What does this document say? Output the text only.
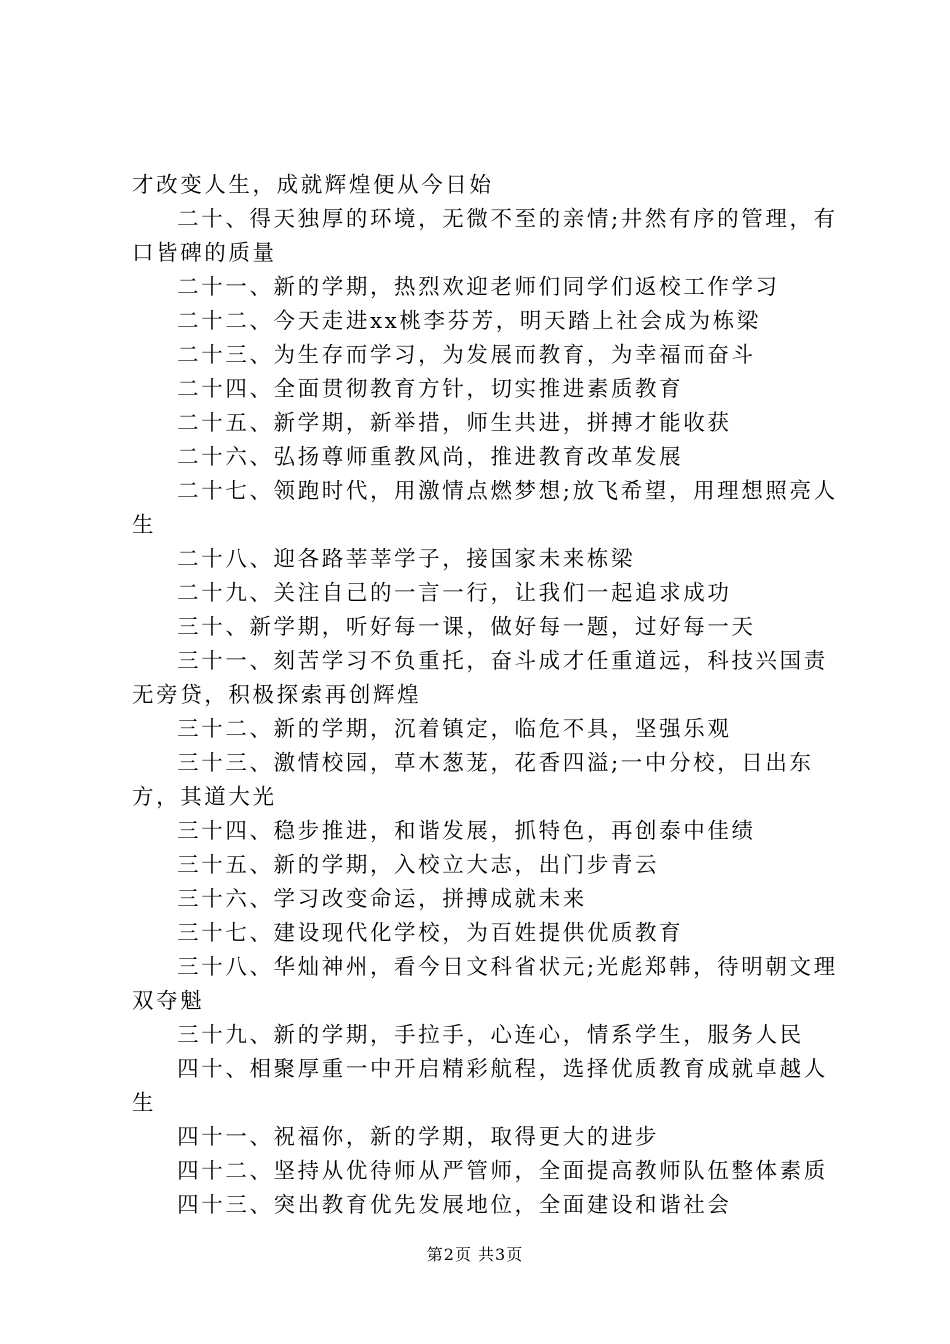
才改变人生，成就辉煌便从今日始

二十、得天独厚的环境，无微不至的亲情;井然有序的管理，有口皆碑的质量

二十一、新的学期，热烈欢迎老师们同学们返校工作学习

二十二、今天走进xx桃李芬芳，明天踏上社会成为栋梁

二十三、为生存而学习，为发展而教育，为幸福而奋斗

二十四、全面贯彻教育方针，切实推进素质教育

二十五、新学期，新举措，师生共进，拼搏才能收获

二十六、弘扬尊师重教风尚，推进教育改革发展

二十七、领跑时代，用激情点燃梦想;放飞希望，用理想照亮人生

二十八、迎各路莘莘学子，接国家未来栋梁

二十九、关注自己的一言一行，让我们一起追求成功

三十、新学期，听好每一课，做好每一题，过好每一天

三十一、刻苦学习不负重托，奋斗成才任重道远，科技兴国责无旁贷，积极探索再创辉煌

三十二、新的学期，沉着镇定，临危不具，坚强乐观

三十三、激情校园，草木葱茏，花香四溢;一中分校，日出东方，其道大光

三十四、稳步推进，和谐发展，抓特色，再创泰中佳绩

三十五、新的学期，入校立大志，出门步青云

三十六、学习改变命运，拼搏成就未来

三十七、建设现代化学校，为百姓提供优质教育

三十八、华灿神州，看今日文科省状元;光彪郑韩，待明朝文理双夺魁

三十九、新的学期，手拉手，心连心，情系学生，服务人民

四十、相聚厚重一中开启精彩航程，选择优质教育成就卓越人生

四十一、祝福你，新的学期，取得更大的进步

四十二、坚持从优待师从严管师，全面提高教师队伍整体素质

四十三、突出教育优先发展地位，全面建设和谐社会

第2页 共3页
